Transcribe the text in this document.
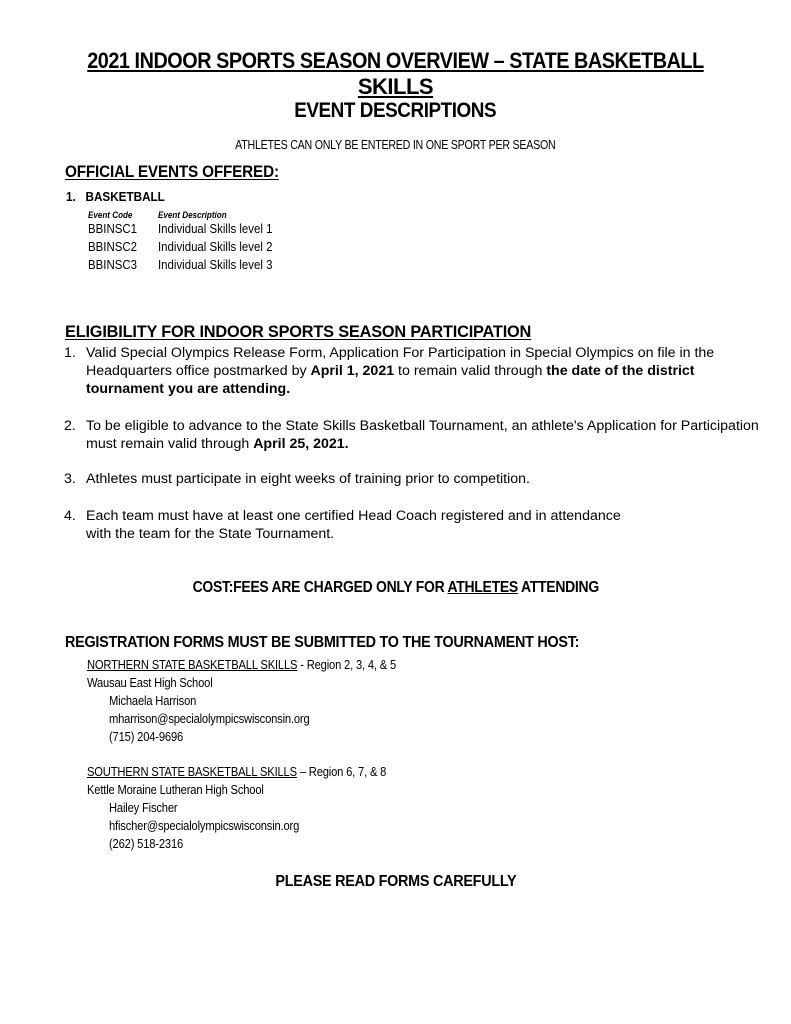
2021 INDOOR SPORTS SEASON OVERVIEW – STATE BASKETBALL
SKILLS
EVENT DESCRIPTIONS
ATHLETES CAN ONLY BE ENTERED IN ONE SPORT PER SEASON
OFFICIAL EVENTS OFFERED:
1. BASKETBALL
Event Code	Event Description
BBINSC1	Individual Skills level 1
BBINSC2	Individual Skills level 2
BBINSC3	Individual Skills level 3
ELIGIBILITY FOR INDOOR SPORTS SEASON PARTICIPATION
1. Valid Special Olympics Release Form, Application For Participation in Special Olympics on file in the Headquarters office postmarked by April 1, 2021 to remain valid through the date of the district tournament you are attending.
2. To be eligible to advance to the State Skills Basketball Tournament, an athlete's Application for Participation must remain valid through April 25, 2021.
3. Athletes must participate in eight weeks of training prior to competition.
4. Each team must have at least one certified Head Coach registered and in attendance
with the team for the State Tournament.
COST:FEES ARE CHARGED ONLY FOR ATHLETES ATTENDING
REGISTRATION FORMS MUST BE SUBMITTED TO THE TOURNAMENT HOST:
NORTHERN STATE BASKETBALL SKILLS - Region 2, 3, 4, & 5
Wausau East High School
Michaela Harrison
mharrison@specialolympicswisconsin.org
(715) 204-9696
SOUTHERN STATE BASKETBALL SKILLS – Region 6, 7, & 8
Kettle Moraine Lutheran High School
Hailey Fischer
hfischer@specialolympicswisconsin.org
(262) 518-2316
PLEASE READ FORMS CAREFULLY
